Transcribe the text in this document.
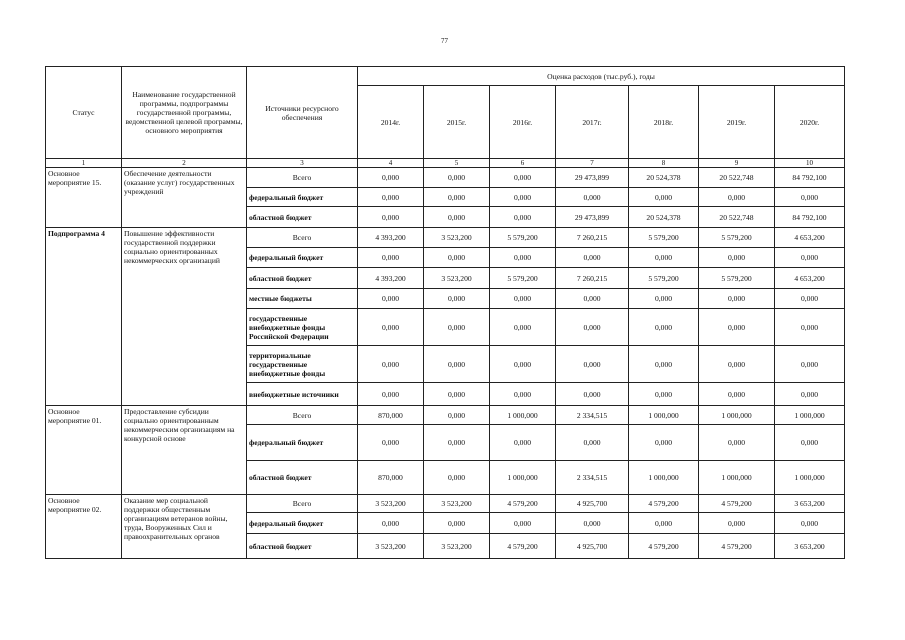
77
Статус	Наименование государственной программы, подпрограммы государственной программы, ведомственной целевой программы, основного мероприятия	Источники ресурсного обеспечения	Оценка расходов (тыс.руб.), годы						
			2014г.	2015г.	2016г.	2017г.	2018г.	2019г.	2020г.
1	2	3	4	5	6	7	8	9	10
Основное мероприятие 15.	Обеспечение деятельности (оказание услуг) государственных учреждений	Всего	0,000	0,000	0,000	29 473,899	20 524,378	20 522,748	84 792,100
		федеральный бюджет	0,000	0,000	0,000	0,000	0,000	0,000	0,000
		областной бюджет	0,000	0,000	0,000	29 473,899	20 524,378	20 522,748	84 792,100
Подпрограмма 4	Повышение эффективности государственной поддержки социально ориентированных некоммерческих организаций	Всего	4 393,200	3 523,200	5 579,200	7 260,215	5 579,200	5 579,200	4 653,200
		федеральный бюджет	0,000	0,000	0,000	0,000	0,000	0,000	0,000
		областной бюджет	4 393,200	3 523,200	5 579,200	7 260,215	5 579,200	5 579,200	4 653,200
		местные бюджеты	0,000	0,000	0,000	0,000	0,000	0,000	0,000
		государственные внебюджетные фонды Российской Федерации	0,000	0,000	0,000	0,000	0,000	0,000	0,000
		территориальные государственные внебюджетные фонды	0,000	0,000	0,000	0,000	0,000	0,000	0,000
		внебюджетные источники	0,000	0,000	0,000	0,000	0,000	0,000	0,000
Основное мероприятие 01.	Предоставление субсидии социально ориентированным некоммерческим организациям на конкурсной основе	Всего	870,000	0,000	1 000,000	2 334,515	1 000,000	1 000,000	1 000,000
		федеральный бюджет	0,000	0,000	0,000	0,000	0,000	0,000	0,000
		областной бюджет	870,000	0,000	1 000,000	2 334,515	1 000,000	1 000,000	1 000,000
Основное мероприятие 02.	Оказание мер социальной поддержки общественным организациям ветеранов войны, труда, Вооруженных Сил и правоохранительных органов	Всего	3 523,200	3 523,200	4 579,200	4 925,700	4 579,200	4 579,200	3 653,200
		федеральный бюджет	0,000	0,000	0,000	0,000	0,000	0,000	0,000
		областной бюджет	3 523,200	3 523,200	4 579,200	4 925,700	4 579,200	4 579,200	3 653,200
